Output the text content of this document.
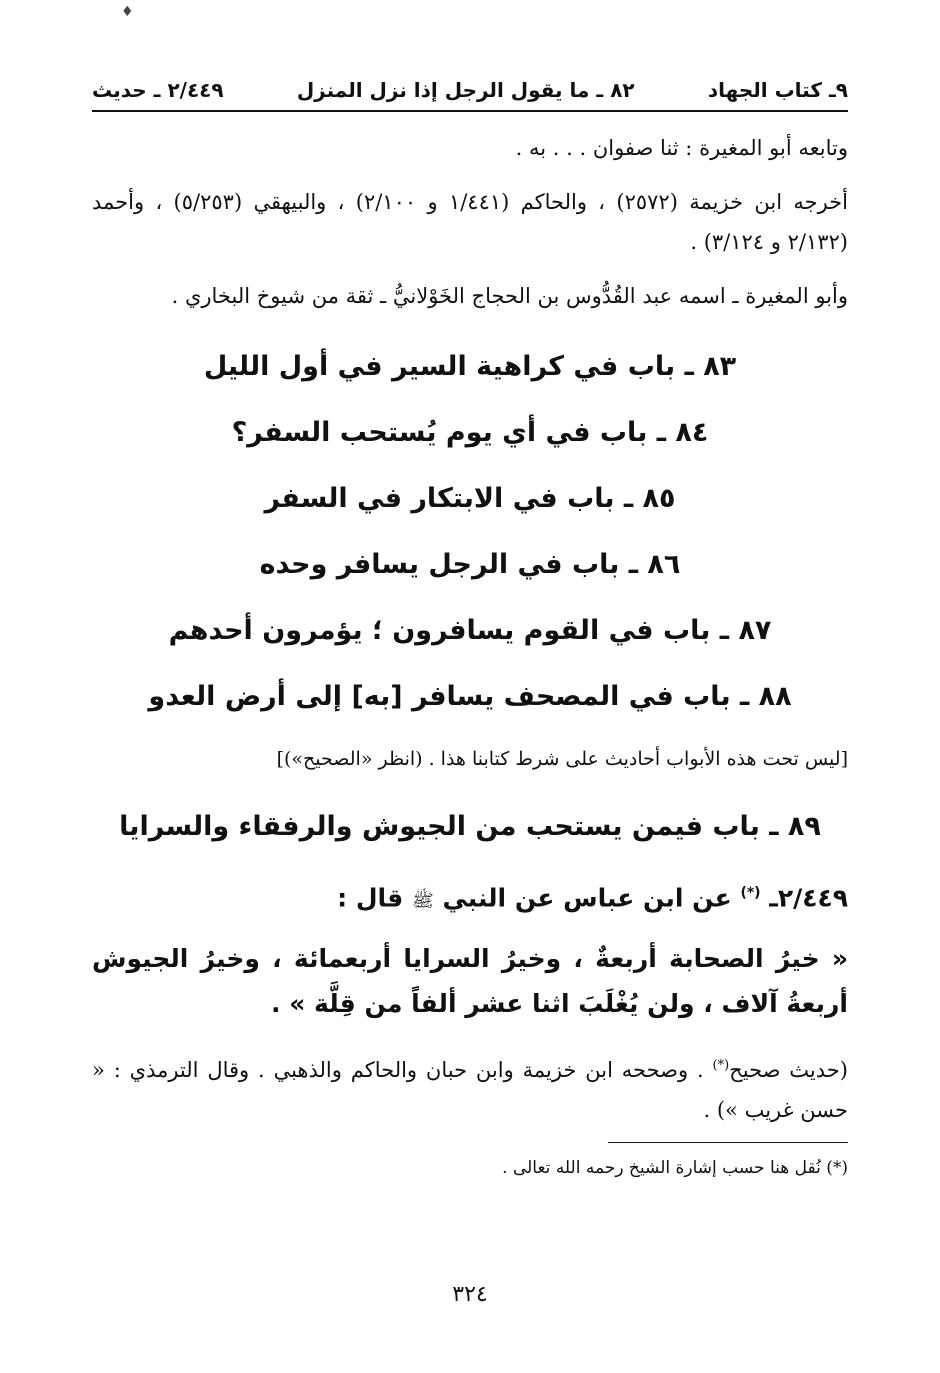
♦
٩ـ كتاب الجهاد
٨٢ ـ ما يقول الرجل إذا نزل المنزل
٢/٤٤٩ ـ حديث

وتابعه أبو المغيرة : ثنا صفوان . . . به .

أخرجه ابن خزيمة (٢٥٧٢) ، والحاكم (١/٤٤١ و ٢/١٠٠) ، والبيهقي (٥/٢٥٣) ، وأحمد (٢/١٣٢ و ٣/١٢٤) .

وأبو المغيرة ـ اسمه عبد القُدُّوس بن الحجاج الخَوْلانيُّ ـ ثقة من شيوخ البخاري .

٨٣ ـ باب في كراهية السير في أول الليل
٨٤ ـ باب في أي يوم يُستحب السفر؟
٨٥ ـ باب في الابتكار في السفر
٨٦ ـ باب في الرجل يسافر وحده
٨٧ ـ باب في القوم يسافرون ؛ يؤمرون أحدهم
٨٨ ـ باب في المصحف يسافر [به] إلى أرض العدو

[ليس تحت هذه الأبواب أحاديث على شرط كتابنا هذا . (انظر «الصحيح»)]

٨٩ ـ باب فيمن يستحب من الجيوش والرفقاء والسرايا

٢/٤٤٩ـ (*) عن ابن عباس عن النبي ﷺ قال :

« خيرُ الصحابة أربعةٌ ، وخيرُ السرايا أربعمائة ، وخيرُ الجيوش أربعةُ آلاف ، ولن يُغْلَبَ اثنا عشر ألفاً من قِلَّة » .

(حديث صحيح(*) . وصححه ابن خزيمة وابن حبان والحاكم والذهبي . وقال الترمذي : « حسن غريب ») .

(*) نُقل هنا حسب إشارة الشيخ رحمه الله تعالى .

٣٢٤
